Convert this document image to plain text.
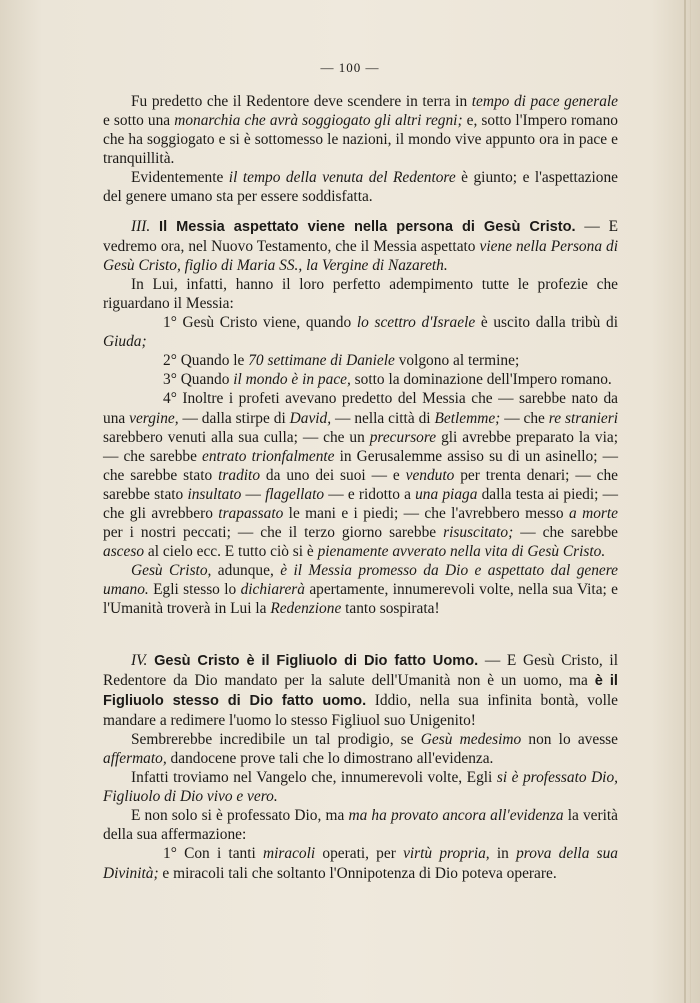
— 100 —

Fu predetto che il Redentore deve scendere in terra in tempo di pace generale e sotto una monarchia che avrà soggiogato gli altri regni; e, sotto l'Impero romano che ha soggiogato e si è sottomesso le nazioni, il mondo vive appunto ora in pace e tranquillità.

Evidentemente il tempo della venuta del Redentore è giunto; e l'aspettazione del genere umano sta per essere soddisfatta.

III. Il Messia aspettato viene nella persona di Gesù Cristo. — E vedremo ora, nel Nuovo Testamento, che il Messia aspettato viene nella Persona di Gesù Cristo, figlio di Maria SS., la Vergine di Nazareth.

In Lui, infatti, hanno il loro perfetto adempimento tutte le profezie che riguardano il Messia:

1° Gesù Cristo viene, quando lo scettro d'Israele è uscito dalla tribù di Giuda;

2° Quando le 70 settimane di Daniele volgono al termine;

3° Quando il mondo è in pace, sotto la dominazione dell'Impero romano.

4° Inoltre i profeti avevano predetto del Messia che — sarebbe nato da una vergine, — dalla stirpe di David, — nella città di Betlemme; — che re stranieri sarebbero venuti alla sua culla; — che un precursore gli avrebbe preparato la via; — che sarebbe entrato trionfalmente in Gerusalemme assiso su di un asinello; — che sarebbe stato tradito da uno dei suoi — e venduto per trenta denari; — che sarebbe stato insultato — flagellato — e ridotto a una piaga dalla testa ai piedi; — che gli avrebbero trapassato le mani e i piedi; — che l'avrebbero messo a morte per i nostri peccati; — che il terzo giorno sarebbe risuscitato; — che sarebbe asceso al cielo ecc. E tutto ciò si è pienamente avverato nella vita di Gesù Cristo.

Gesù Cristo, adunque, è il Messia promesso da Dio e aspettato dal genere umano. Egli stesso lo dichiarerà apertamente, innumerevoli volte, nella sua Vita; e l'Umanità troverà in Lui la Redenzione tanto sospirata!

IV. Gesù Cristo è il Figliuolo di Dio fatto Uomo. — E Gesù Cristo, il Redentore da Dio mandato per la salute dell'Umanità non è un uomo, ma è il Figliuolo stesso di Dio fatto uomo. Iddio, nella sua infinita bontà, volle mandare a redimere l'uomo lo stesso Figliuol suo Unigenito!

Sembrerebbe incredibile un tal prodigio, se Gesù medesimo non lo avesse affermato, dandocene prove tali che lo dimostrano all'evidenza.

Infatti troviamo nel Vangelo che, innumerevoli volte, Egli si è professato Dio, Figliuolo di Dio vivo e vero.

E non solo si è professato Dio, ma ma ha provato ancora all'evidenza la verità della sua affermazione:

1° Con i tanti miracoli operati, per virtù propria, in prova della sua Divinità; e miracoli tali che soltanto l'Onnipotenza di Dio poteva operare.
